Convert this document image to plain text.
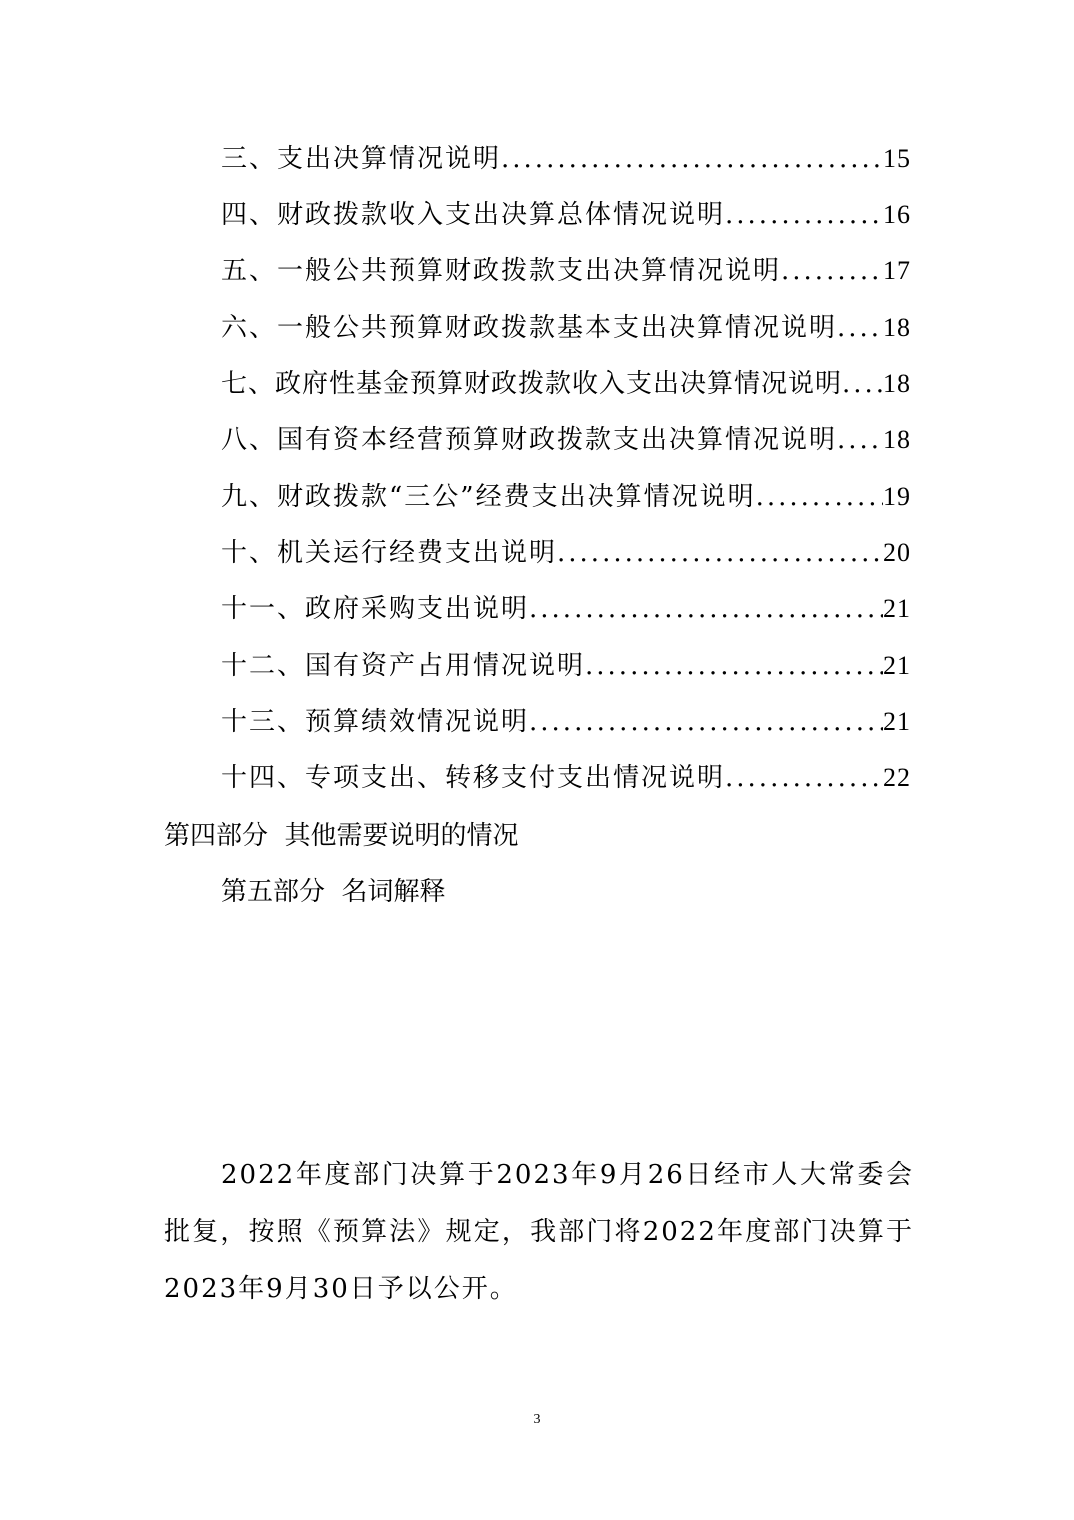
三、支出决算情况说明 .....	15
四、财政拨款收入支出决算总体情况说明 .....	16
五、一般公共预算财政拨款支出决算情况说明 .....	17
六、一般公共预算财政拨款基本支出决算情况说明 ..... 18
七、政府性基金预算财政拨款收入支出决算情况说明 ..... 18
八、国有资本经营预算财政拨款支出决算情况说明 ..... 18
九、财政拨款“三公”经费支出决算情况说明 .....	19
十、机关运行经费支出说明 .....	20
十一、政府采购支出说明 .....	21
十二、国有资产占用情况说明 .....	21
十三、预算绩效情况说明 .....	21
十四、专项支出、转移支付支出情况说明 .....	22
第四部分  其他需要说明的情况
第五部分  名词解释
2022年度部门决算于2023年9月26日经市人大常委会批复，按照《预算法》规定，我部门将2022年度部门决算于2023年9月30日予以公开。
3
